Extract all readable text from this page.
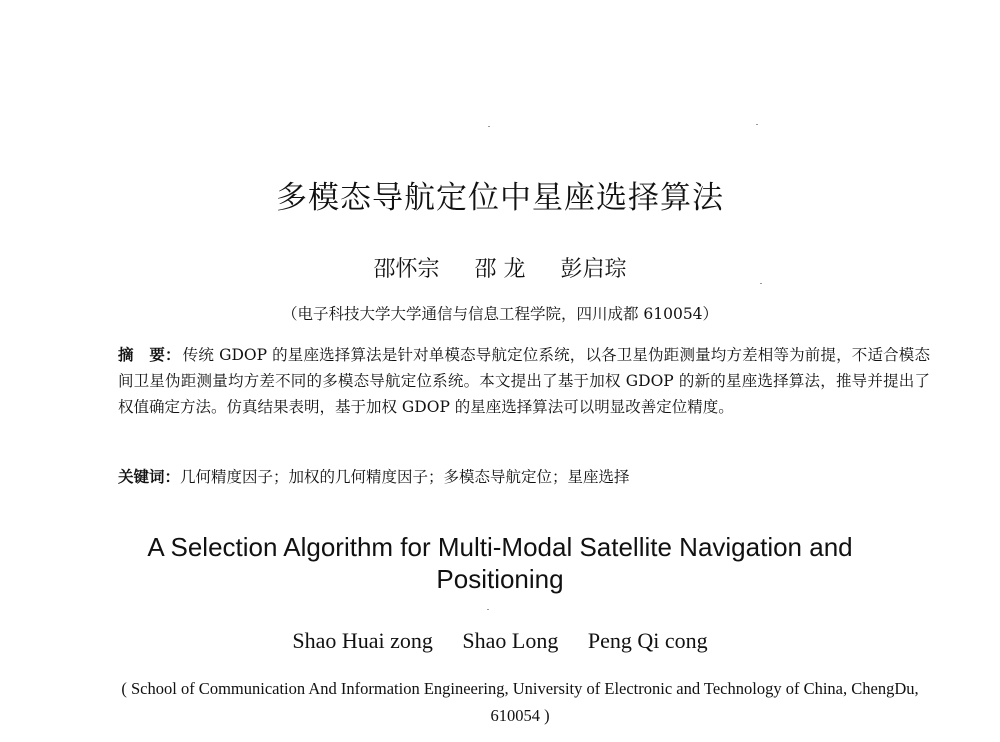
多模态导航定位中星座选择算法
邵怀宗 邵 龙 彭启琮
（电子科技大学大学通信与信息工程学院，四川成都 610054）
摘　要： 传统 GDOP 的星座选择算法是针对单模态导航定位系统，以各卫星伪距测量均方差相等为前提，不适合模态间卫星伪距测量均方差不同的多模态导航定位系统。本文提出了基于加权 GDOP 的新的星座选择算法，推导并提出了权值确定方法。仿真结果表明，基于加权 GDOP 的星座选择算法可以明显改善定位精度。
关键词：几何精度因子；加权的几何精度因子；多模态导航定位；星座选择
A Selection Algorithm for Multi-Modal Satellite Navigation and Positioning
Shao Huai zong Shao Long Peng Qi cong
( School of Communication And Information Engineering, University of Electronic and Technology of China, ChengDu, 610054 )
